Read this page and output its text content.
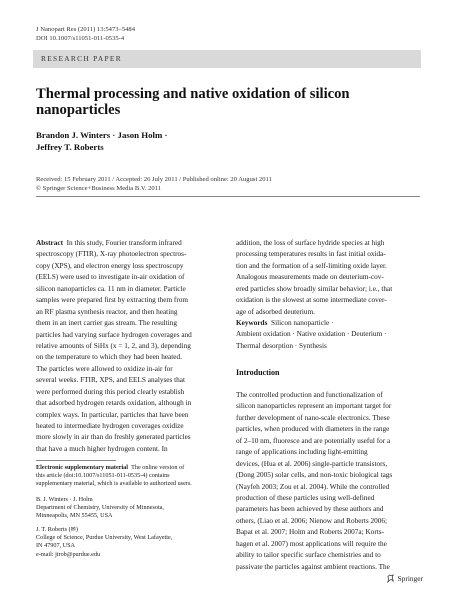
J Nanopart Res (2011) 13:5473–5484
DOI 10.1007/s11051-011-0535-4
RESEARCH PAPER
Thermal processing and native oxidation of silicon
nanoparticles
Brandon J. Winters · Jason Holm ·
Jeffrey T. Roberts
Received: 15 February 2011 / Accepted: 26 July 2011 / Published online: 20 August 2011
© Springer Science+Business Media B.V. 2011
Abstract In this study, Fourier transform infrared
spectroscopy (FTIR), X-ray photoelectron spectros-
copy (XPS), and electron energy loss spectroscopy
(EELS) were used to investigate in-air oxidation of
silicon nanoparticles ca. 11 nm in diameter. Particle
samples were prepared first by extracting them from
an RF plasma synthesis reactor, and then heating
them in an inert carrier gas stream. The resulting
particles had varying surface hydrogen coverages and
relative amounts of SiHx (x = 1, 2, and 3), depending
on the temperature to which they had been heated.
The particles were allowed to oxidize in-air for
several weeks. FTIR, XPS, and EELS analyses that
were performed during this period clearly establish
that adsorbed hydrogen retards oxidation, although in
complex ways. In particular, particles that have been
heated to intermediate hydrogen coverages oxidize
more slowly in air than do freshly generated particles
that have a much higher hydrogen content. In
Electronic supplementary material The online version of
this article (doi:10.1007/s11051-011-0535-4) contains
supplementary material, which is available to authorized users.
B. J. Winters · J. Holm
Department of Chemistry, University of Minnesota,
Minneapolis, MN 55455, USA
J. T. Roberts (✉)
College of Science, Purdue University, West Lafayette,
IN 47907, USA
e-mail: jtrob@purdue.edu
addition, the loss of surface hydride species at high
processing temperatures results in fast initial oxida-
tion and the formation of a self-limiting oxide layer.
Analogous measurements made on deuterium-cov-
ered particles show broadly similar behavior; i.e., that
oxidation is the slowest at some intermediate cover-
age of adsorbed deuterium.
Keywords Silicon nanoparticle ·
Ambient oxidation · Native oxidation · Deuterium ·
Thermal desorption · Synthesis
Introduction
The controlled production and functionalization of
silicon nanoparticles represent an important target for
further development of nano-scale electronics. These
particles, when produced with diameters in the range
of 2–10 nm, fluoresce and are potentially useful for a
range of applications including light-emitting
devices, (Hua et al. 2006) single-particle transistors,
(Dong 2005) solar cells, and non-toxic biological tags
(Nayfeh 2003; Zou et al. 2004). While the controlled
production of these particles using well-defined
parameters has been achieved by these authors and
others, (Liao et al. 2006; Nienow and Roberts 2006;
Bapat et al. 2007; Holm and Roberts 2007a; Korts-
hagen et al. 2007) most applications will require the
ability to tailor specific surface chemistries and to
passivate the particles against ambient reactions. The
Springer
